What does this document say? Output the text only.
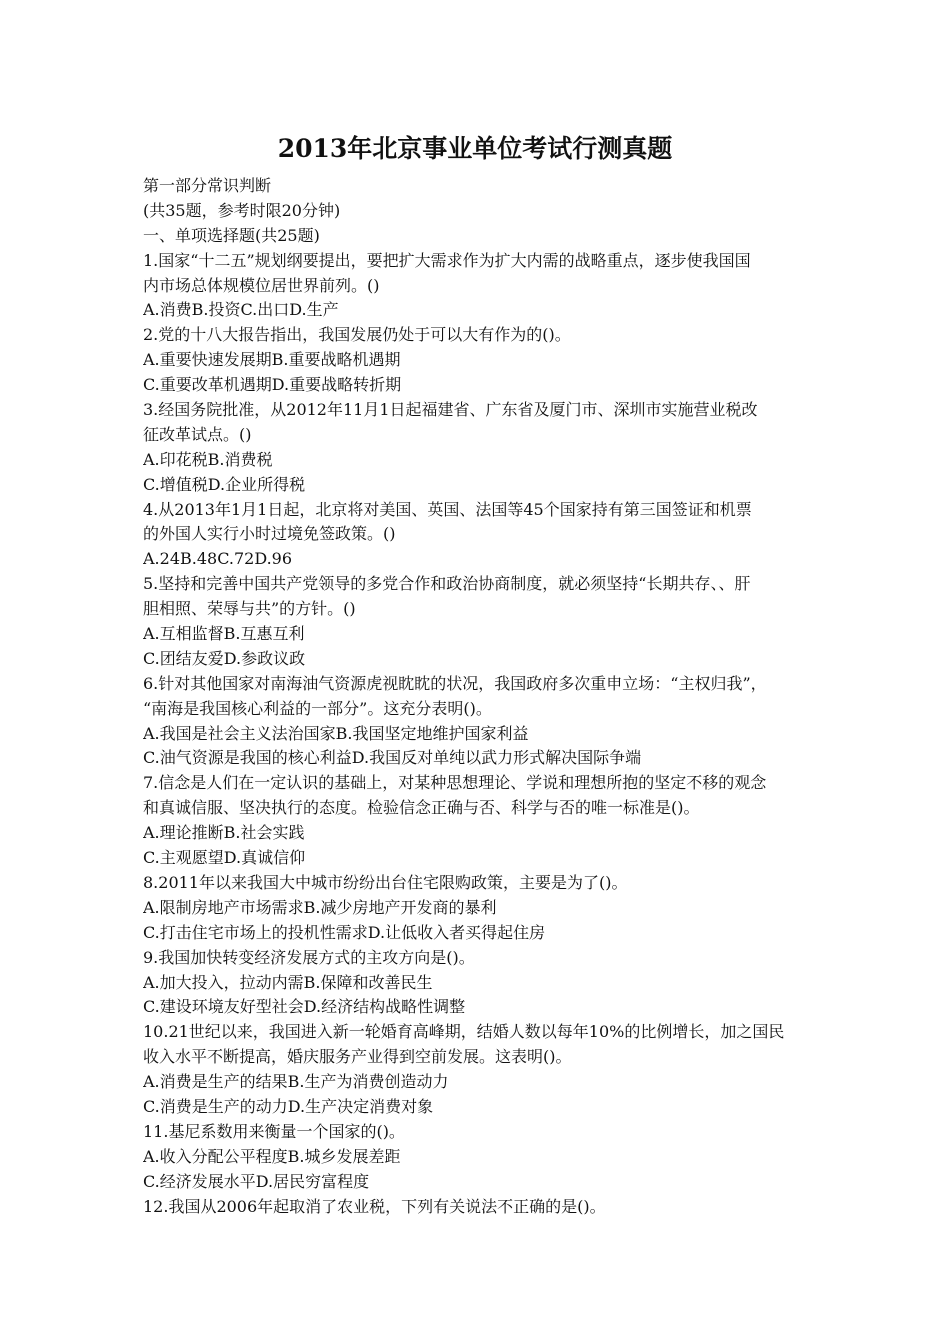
2013年北京事业单位考试行测真题
第一部分常识判断
(共35题，参考时限20分钟)
一、单项选择题(共25题)
1.国家“十二五”规划纲要提出，要把扩大需求作为扩大内需的战略重点，逐步使我国国
内市场总体规模位居世界前列。()
A.消费B.投资C.出口D.生产
2.党的十八大报告指出，我国发展仍处于可以大有作为的()。
A.重要快速发展期B.重要战略机遇期
C.重要改革机遇期D.重要战略转折期
3.经国务院批准，从2012年11月1日起福建省、广东省及厦门市、深圳市实施营业税改
征改革试点。()
A.印花税B.消费税
C.增值税D.企业所得税
4.从2013年1月1日起，北京将对美国、英国、法国等45个国家持有第三国签证和机票
的外国人实行小时过境免签政策。()
A.24B.48C.72D.96
5.坚持和完善中国共产党领导的多党合作和政治协商制度，就必须坚持“长期共存、、肝
胆相照、荣辱与共”的方针。()
A.互相监督B.互惠互利
C.团结友爱D.参政议政
6.针对其他国家对南海油气资源虎视眈眈的状况，我国政府多次重申立场：“主权归我”，
“南海是我国核心利益的一部分”。这充分表明()。
A.我国是社会主义法治国家B.我国坚定地维护国家利益
C.油气资源是我国的核心利益D.我国反对单纯以武力形式解决国际争端
7.信念是人们在一定认识的基础上，对某种思想理论、学说和理想所抱的坚定不移的观念
和真诚信服、坚决执行的态度。检验信念正确与否、科学与否的唯一标准是()。
A.理论推断B.社会实践
C.主观愿望D.真诚信仰
8.2011年以来我国大中城市纷纷出台住宅限购政策，主要是为了()。
A.限制房地产市场需求B.减少房地产开发商的暴利
C.打击住宅市场上的投机性需求D.让低收入者买得起住房
9.我国加快转变经济发展方式的主攻方向是()。
A.加大投入，拉动内需B.保障和改善民生
C.建设环境友好型社会D.经济结构战略性调整
10.21世纪以来，我国进入新一轮婚育高峰期，结婚人数以每年10%的比例增长，加之国民
收入水平不断提高，婚庆服务产业得到空前发展。这表明()。
A.消费是生产的结果B.生产为消费创造动力
C.消费是生产的动力D.生产决定消费对象
11.基尼系数用来衡量一个国家的()。
A.收入分配公平程度B.城乡发展差距
C.经济发展水平D.居民穷富程度
12.我国从2006年起取消了农业税，下列有关说法不正确的是()。
